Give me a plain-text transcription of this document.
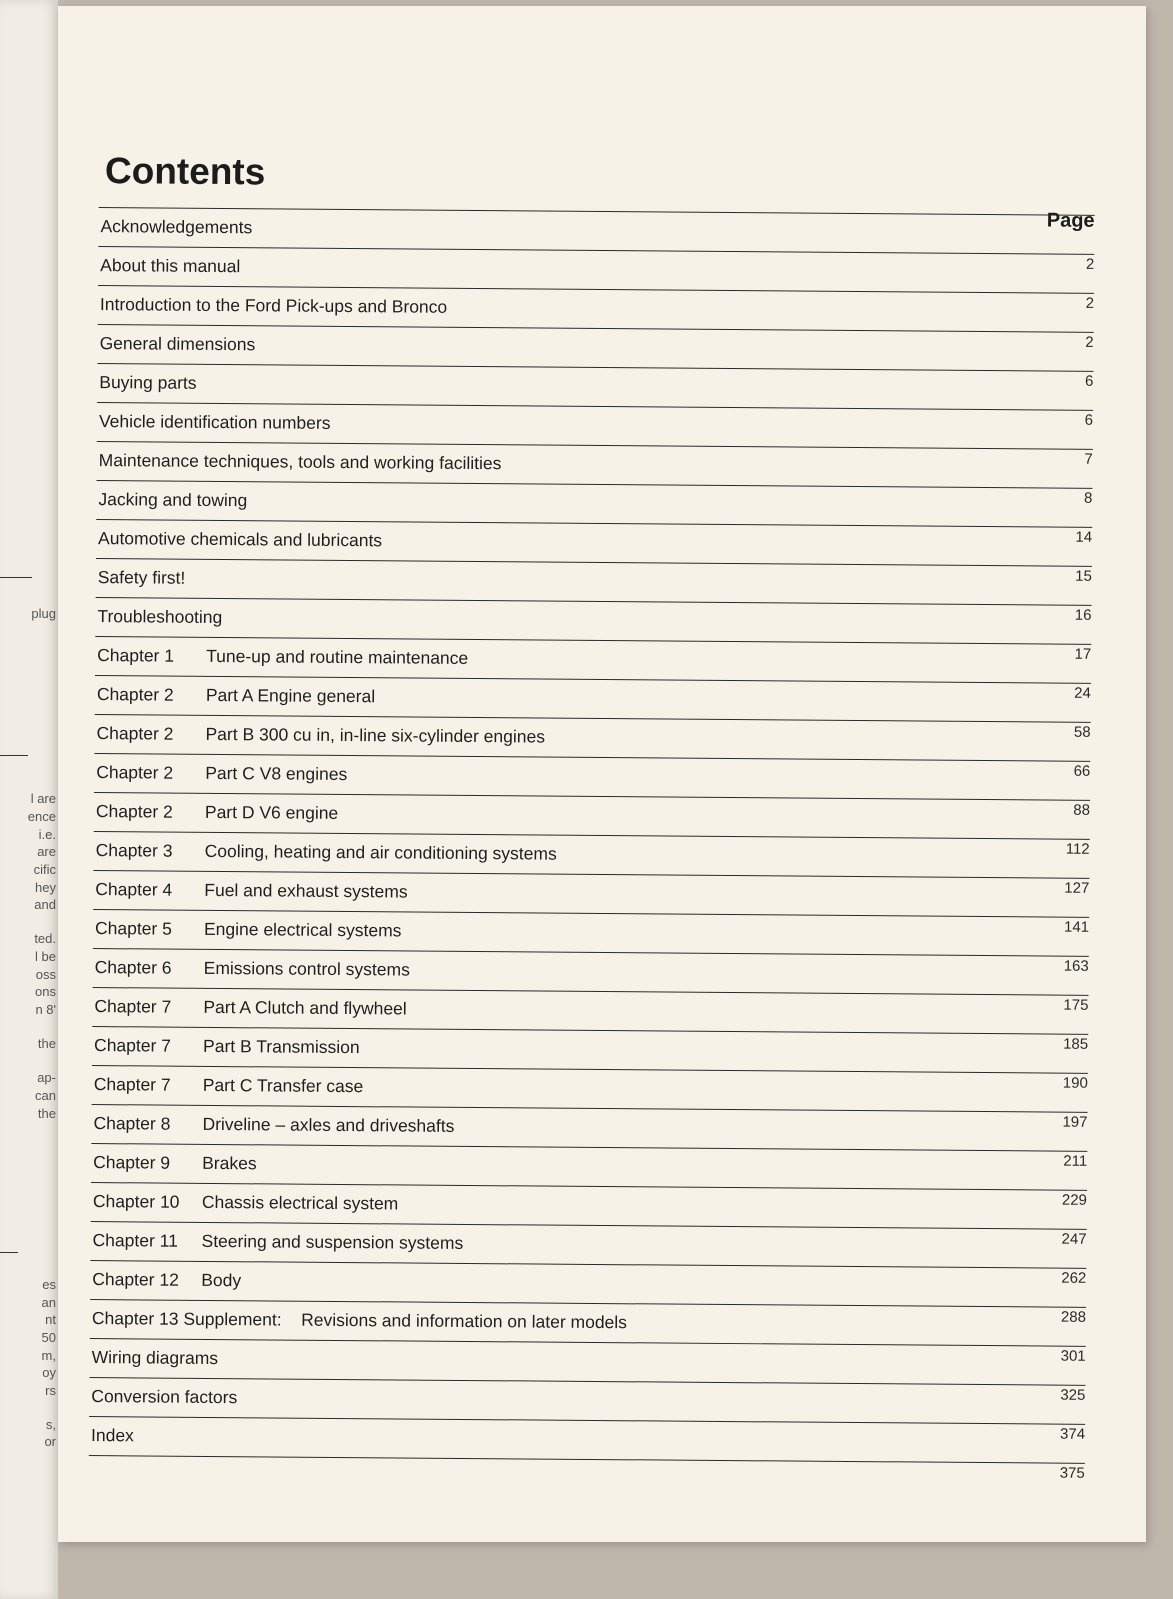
plug
l are
ence
i.e.
are
cific
hey
and
ted.
l be
oss
ons
n 8'
the
ap-
can
the
es
an
nt
50
m,
oy
rs
s,
or
Contents
Page
Acknowledgements
2
About this manual
2
Introduction to the Ford Pick-ups and Bronco
2
General dimensions
6
Buying parts
6
Vehicle identification numbers
7
Maintenance techniques, tools and working facilities
8
Jacking and towing
14
Automotive chemicals and lubricants
15
Safety first!
16
Troubleshooting
17
Chapter 1 Tune-up and routine maintenance
24
Chapter 2 Part A Engine general
58
Chapter 2 Part B 300 cu in, in-line six-cylinder engines
66
Chapter 2 Part C V8 engines
88
Chapter 2 Part D V6 engine
112
Chapter 3 Cooling, heating and air conditioning systems
127
Chapter 4 Fuel and exhaust systems
141
Chapter 5 Engine electrical systems
163
Chapter 6 Emissions control systems
175
Chapter 7 Part A Clutch and flywheel
185
Chapter 7 Part B Transmission
190
Chapter 7 Part C Transfer case
197
Chapter 8 Driveline – axles and driveshafts
211
Chapter 9 Brakes
229
Chapter 10 Chassis electrical system
247
Chapter 11 Steering and suspension systems
262
Chapter 12 Body
288
Chapter 13 Supplement: Revisions and information on later models
301
Wiring diagrams
325
Conversion factors
374
Index
375
